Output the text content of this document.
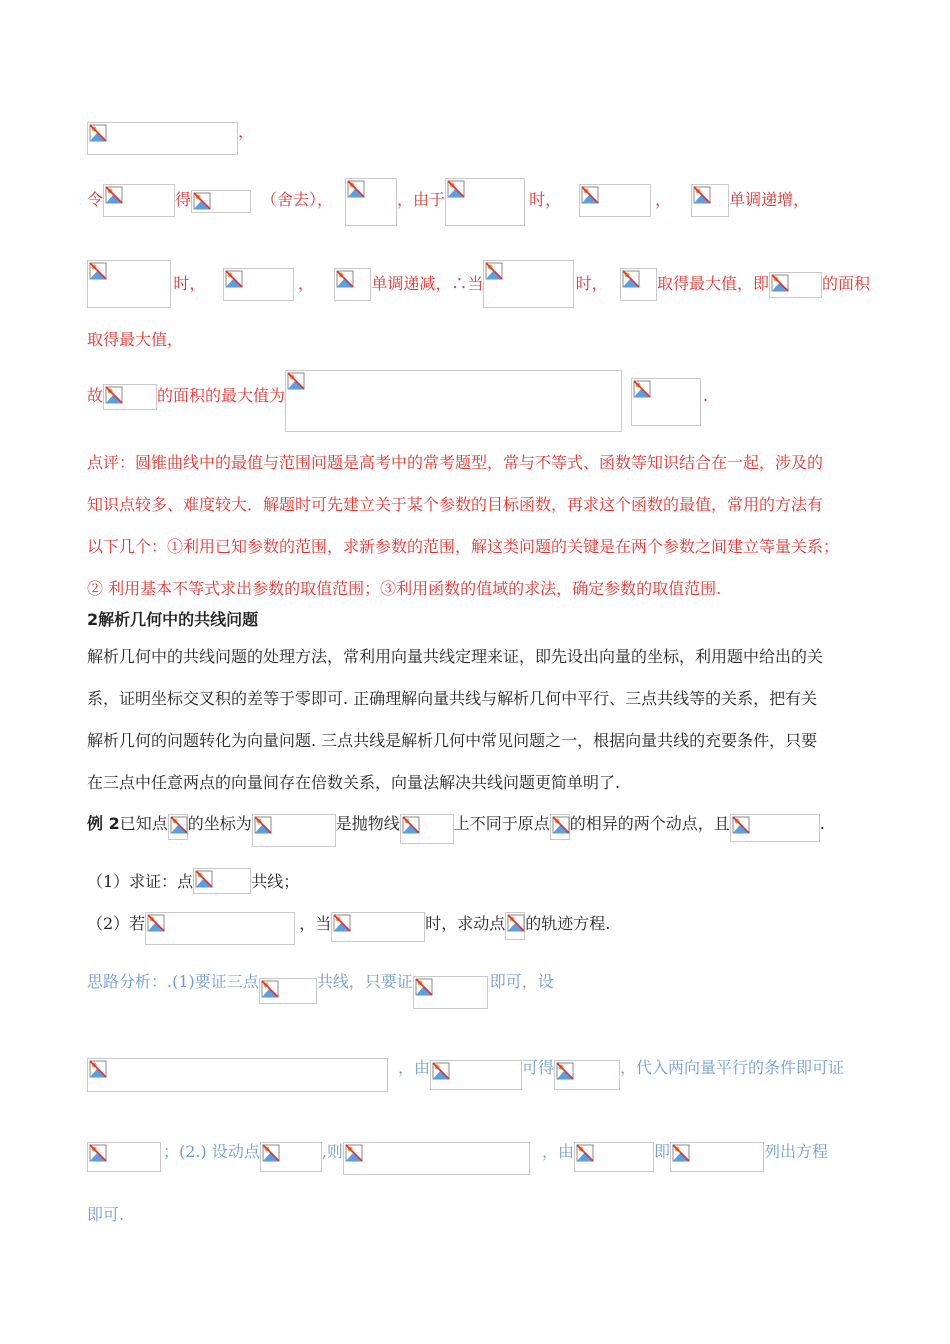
，
令	得	（舍去），	，由于	时，	，	单调递增，
时，	，	单调递减，∴当	时，	取得最大值，即	的面积
取得最大值，
故	的面积的最大值为	.
点评：圆锥曲线中的最值与范围问题是高考中的常考题型，常与不等式、函数等知识结合在一起，涉及的
知识点较多、难度较大．解题时可先建立关于某个参数的目标函数，再求这个函数的最值，常用的方法有
以下几个：①利用已知参数的范围，求新参数的范围，解这类问题的关键是在两个参数之间建立等量关系；
② 利用基本不等式求出参数的取值范围；③利用函数的值域的求法，确定参数的取值范围.
2解析几何中的共线问题
解析几何中的共线问题的处理方法，常利用向量共线定理来证，即先设出向量的坐标，利用题中给出的关
系，证明坐标交叉积的差等于零即可. 正确理解向量共线与解析几何中平行、三点共线等的关系，把有关
解析几何的问题转化为向量问题. 三点共线是解析几何中常见问题之一，根据向量共线的充要条件，只要
在三点中任意两点的向量间存在倍数关系，向量法解决共线问题更简单明了.
例 2 已知点 的坐标为	是抛物线	上不同于原点 的相异的两个动点，且	.
（1）求证：点	共线；
（2）若	，当	时，求动点 的轨迹方程.
思路分析：.(1)要证三点	共线，只要证	即可，设
，由	可得	，代入两向量平行的条件即可证
；(2.) 设动点	,则	，由	即	列出方程
即可.
